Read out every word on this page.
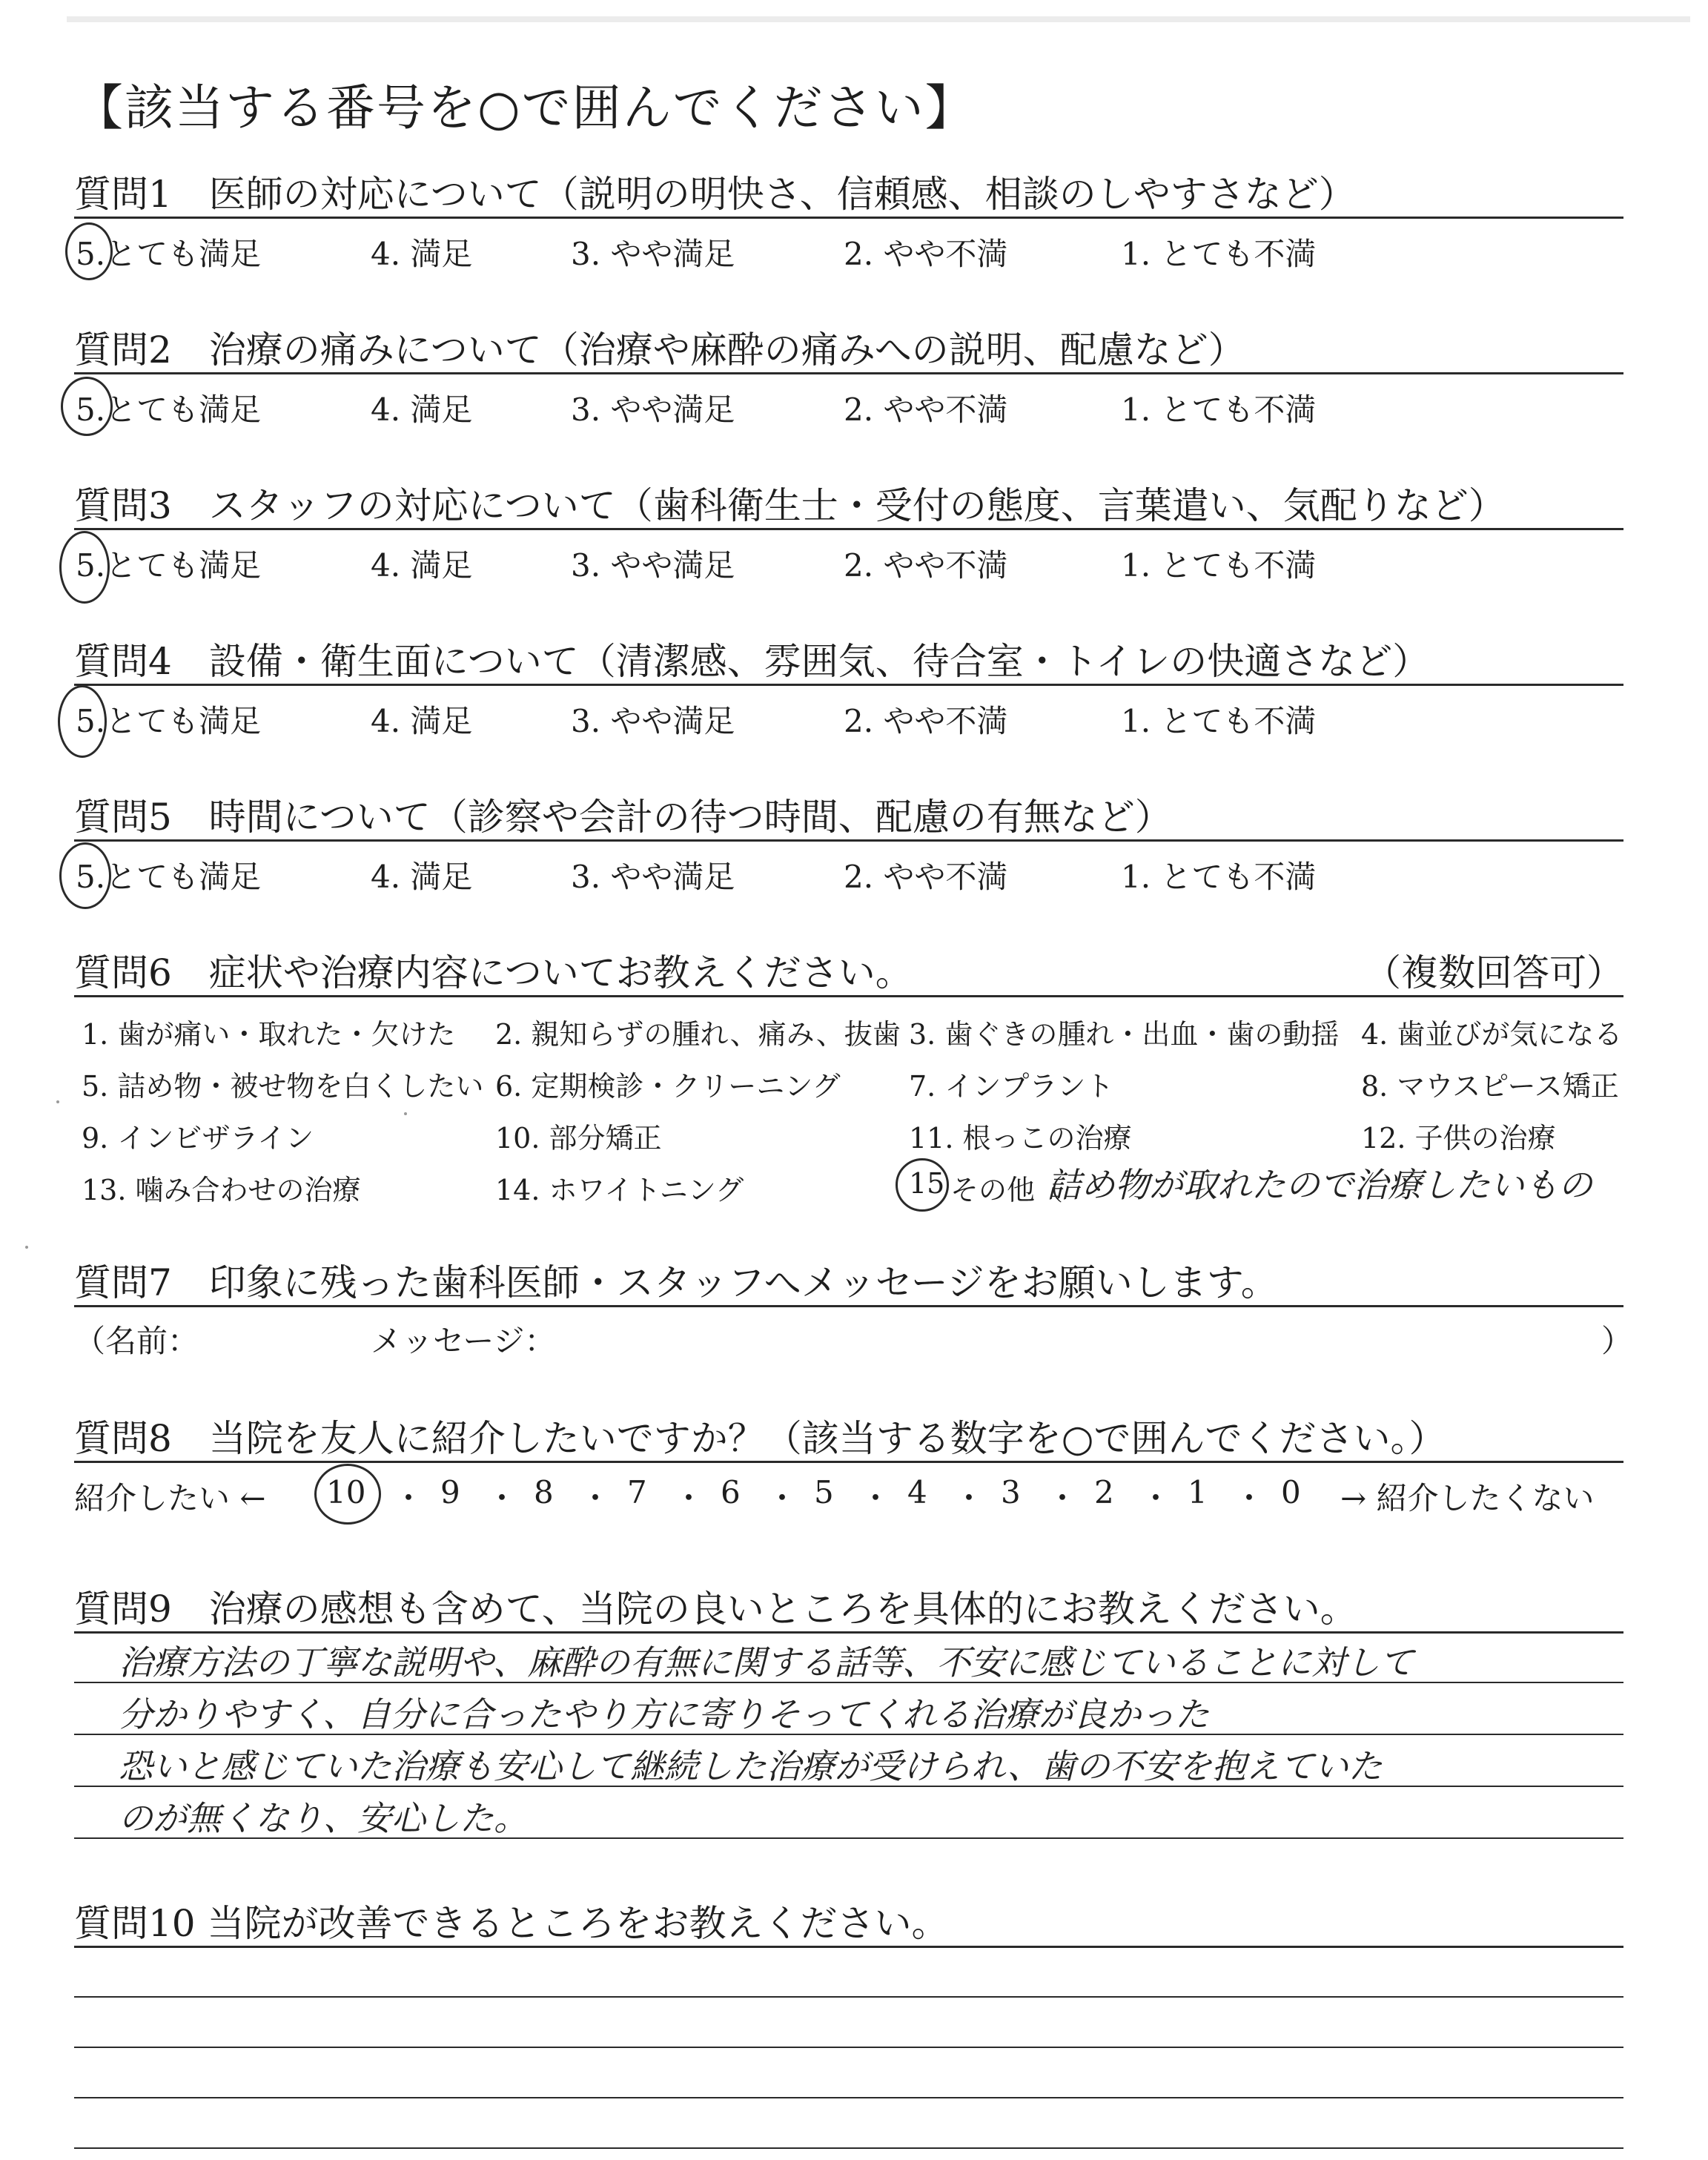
【該当する番号を○で囲んでください】
質問1　医師の対応について（説明の明快さ、信頼感、相談のしやすさなど）
5.とても満足	4. 満足	3. やや満足	2. やや不満	1. とても不満
質問2　治療の痛みについて（治療や麻酔の痛みへの説明、配慮など）
5.とても満足	4. 満足	3. やや満足	2. やや不満	1. とても不満
質問3　スタッフの対応について（歯科衛生士・受付の態度、言葉遣い、気配りなど）
5.とても満足	4. 満足	3. やや満足	2. やや不満	1. とても不満
質問4　設備・衛生面について（清潔感、雰囲気、待合室・トイレの快適さなど）
5.とても満足	4. 満足	3. やや満足	2. やや不満	1. とても不満
質問5　時間について（診察や会計の待つ時間、配慮の有無など）
5.とても満足	4. 満足	3. やや満足	2. やや不満	1. とても不満
質問6　症状や治療内容についてお教えください。	（複数回答可）
1. 歯が痛い・取れた・欠けた 2. 親知らずの腫れ、痛み、抜歯 3. 歯ぐきの腫れ・出血・歯の動揺 4. 歯並びが気になる
5. 詰め物・被せ物を白くしたい 6. 定期検診・クリーニング 7. インプラント	8. マウスピース矯正
9. インビザライン	10. 部分矯正	11. 根っこの治療	12. 子供の治療
13. 噛み合わせの治療	14. ホワイトニング	15 その他（
詰め物が取れたので治療したいもの
質問7　印象に残った歯科医師・スタッフへメッセージをお願いします。
（名前：	メッセージ：	）
質問8　当院を友人に紹介したいですか？（該当する数字を○で囲んでください。）
紹介したい ←	→ 紹介したくない
10 ・ 9 ・ 8 ・ 7 ・ 6 ・ 5 ・ 4 ・ 3 ・ 2 ・ 1 ・ 0
質問9　治療の感想も含めて、当院の良いところを具体的にお教えください。
治療方法の丁寧な説明や、麻酔の有無に関する話等、不安に感じていることに対して
分かりやすく、自分に合ったやり方に寄りそってくれる治療が良かった
恐いと感じていた治療も安心して継続した治療が受けられ、歯の不安を抱えていた
のが無くなり、安心した。
質問10 当院が改善できるところをお教えください。
